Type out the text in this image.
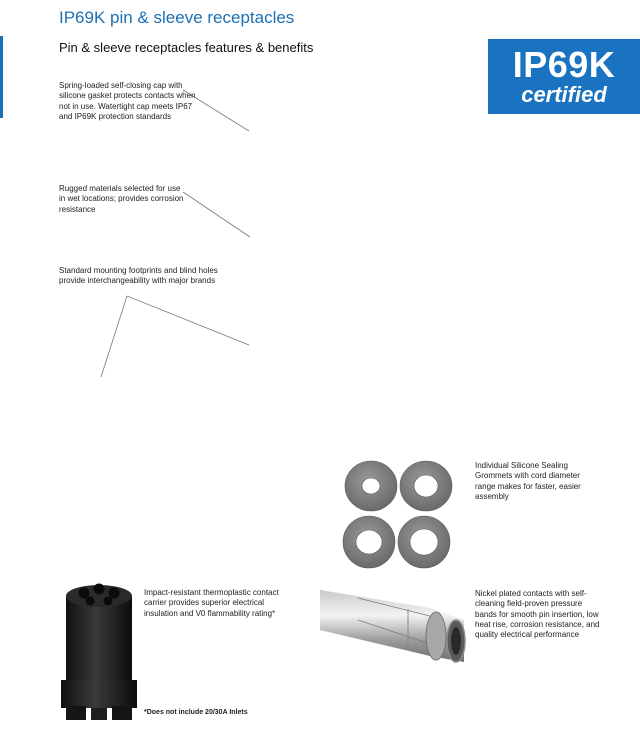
IP69K pin & sleeve receptacles
Pin & sleeve receptacles features & benefits	IP69K
certified
Spring-loaded self-closing cap with silicone gasket protects contacts when not in use. Watertight cap meets IP67 and IP69K protection standards
Rugged materials selected for use in wet locations; provides corrosion resistance
Standard mounting footprints and blind holes provide interchangeability with major brands
Individual Silicone Sealing Grommets with cord diameter range makes for faster, easier assembly
Impact-resistant thermoplastic contact carrier provides superior electrical insulation and V0 flammability rating*
Nickel plated contacts with self-cleaning field-proven pressure bands for smooth pin insertion, low heat rise, corrosion resistance, and quality electrical performance
*Does not include 20/30A Inlets
